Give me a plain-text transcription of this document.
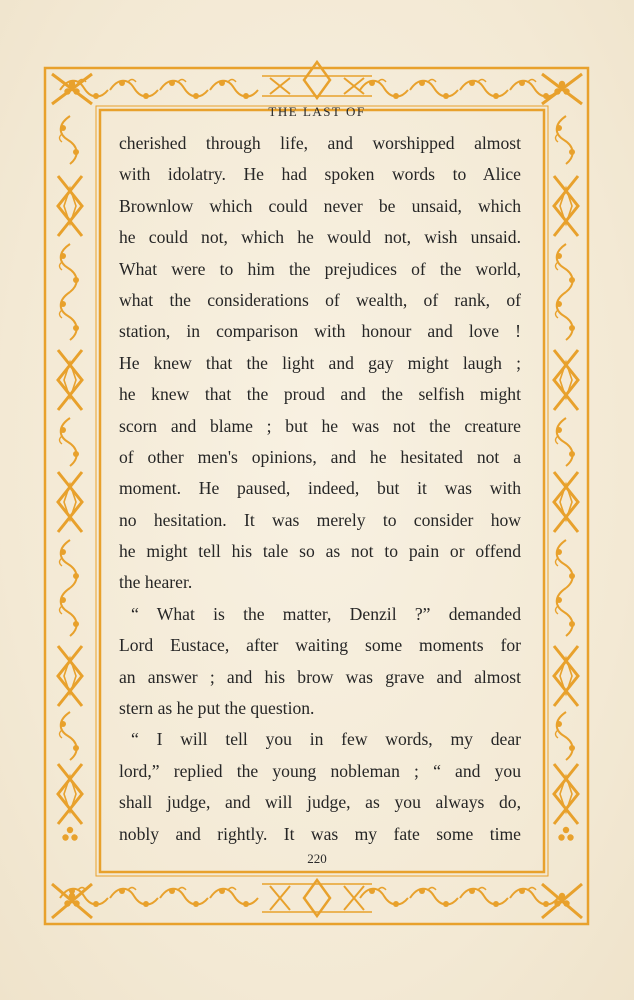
THE LAST OF
cherished through life, and worshipped almost
with idolatry. He had spoken words to Alice
Brownlow which could never be unsaid, which
he could not, which he would not, wish unsaid.
What were to him the prejudices of the world,
what the considerations of wealth, of rank, of
station, in comparison with honour and love !
He knew that the light and gay might laugh ;
he knew that the proud and the selfish might
scorn and blame ; but he was not the creature
of other men's opinions, and he hesitated not a
moment. He paused, indeed, but it was with
no hesitation. It was merely to consider how
he might tell his tale so as not to pain or offend
the hearer.
“ What is the matter, Denzil ?” demanded
Lord Eustace, after waiting some moments for
an answer ; and his brow was grave and almost
stern as he put the question.
“ I will tell you in few words, my dear
lord,” replied the young nobleman ; “ and you
shall judge, and will judge, as you always do,
nobly and rightly. It was my fate some time
220
